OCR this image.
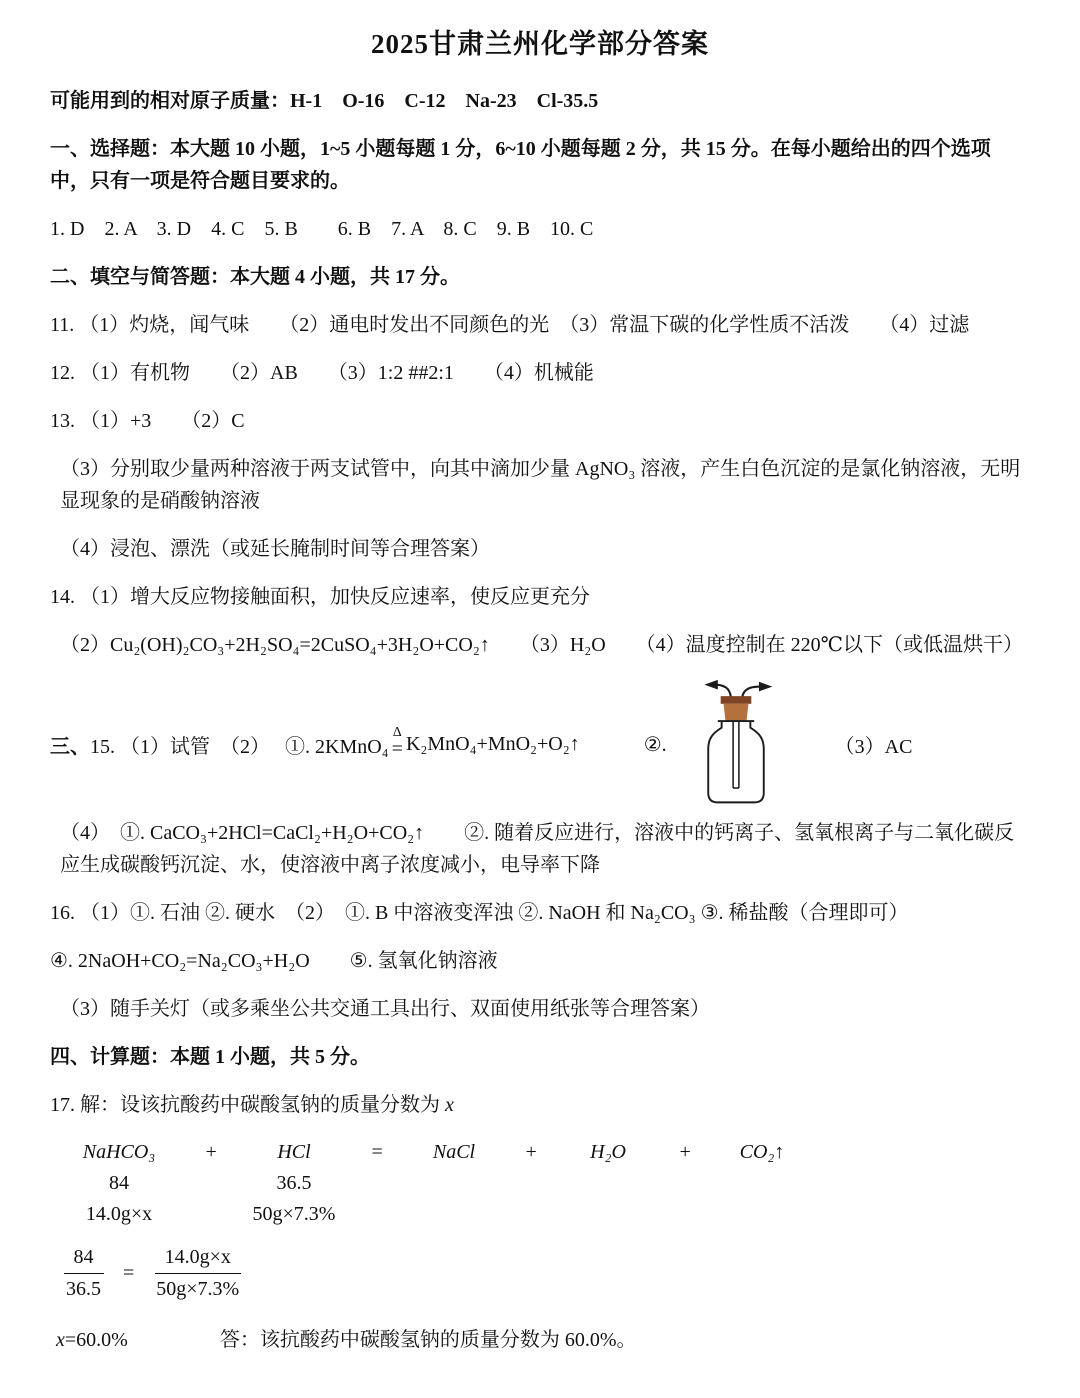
2025甘肃兰州化学部分答案

可能用到的相对原子质量：H-1　O-16　C-12　Na-23　Cl-35.5

一、选择题：本大题 10 小题，1~5 小题每题 1 分，6~10 小题每题 2 分，共 15 分。在每小题给出的四个选项中，只有一项是符合题目要求的。

1. D　2. A　3. D　4. C　5. B　　6. B　7. A　8. C　9. B　10. C

二、填空与简答题：本大题 4 小题，共 17 分。

11. （1）灼烧，闻气味　　（2）通电时发出不同颜色的光　（3）常温下碳的化学性质不活泼　　（4）过滤

12. （1）有机物　　（2）AB　　（3）1:2 ##2:1　　（4）机械能

13. （1）+3　　（2）C

（3）分别取少量两种溶液于两支试管中，向其中滴加少量 AgNO₃ 溶液，产生白色沉淀的是氯化钠溶液，无明显现象的是硝酸钠溶液

（4）浸泡、漂洗（或延长腌制时间等合理答案）

14. （1）增大反应物接触面积，加快反应速率，使反应更充分

（2）Cu₂(OH)₂CO₃+2H₂SO₄=2CuSO₄+3H₂O+CO₂↑　　（3）H₂O　　（4）温度控制在 220℃以下（或低温烘干）

三、 15. （1）试管　（2）　 ①. 2KMnO₄
Δ
= K₂MnO₄+MnO₂+O₂↑	②.	（3）AC

（4）　①. CaCO₃+2HCl=CaCl₂+H₂O+CO₂↑　　②. 随着反应进行，溶液中的钙离子、氢氧根离子与二氧化碳反应生成碳酸钙沉淀、水，使溶液中离子浓度减小，电导率下降

16. （1）①. 石油 ②. 硬水　（2）　①. B 中溶液变浑浊 ②. NaOH 和 Na₂CO₃ ③. 稀盐酸（合理即可）

④. 2NaOH+CO₂=Na₂CO₃+H₂O　　⑤. 氢氧化钠溶液

（3）随手关灯（或多乘坐公共交通工具出行、双面使用纸张等合理答案）

四、计算题：本题 1 小题，共 5 分。

17. 解：设该抗酸药中碳酸氢钠的质量分数为 x

NaHCO₃ +	HCl	= NaCl +	H₂O	+ CO₂↑
84	36.5
14.0g×x	50g×7.3%
$\frac{84}{36.5} = \frac{14.0g\times x}{50g\times 7.3\%}$
x=60.0%	答：该抗酸药中碳酸氢钠的质量分数为 60.0%。
